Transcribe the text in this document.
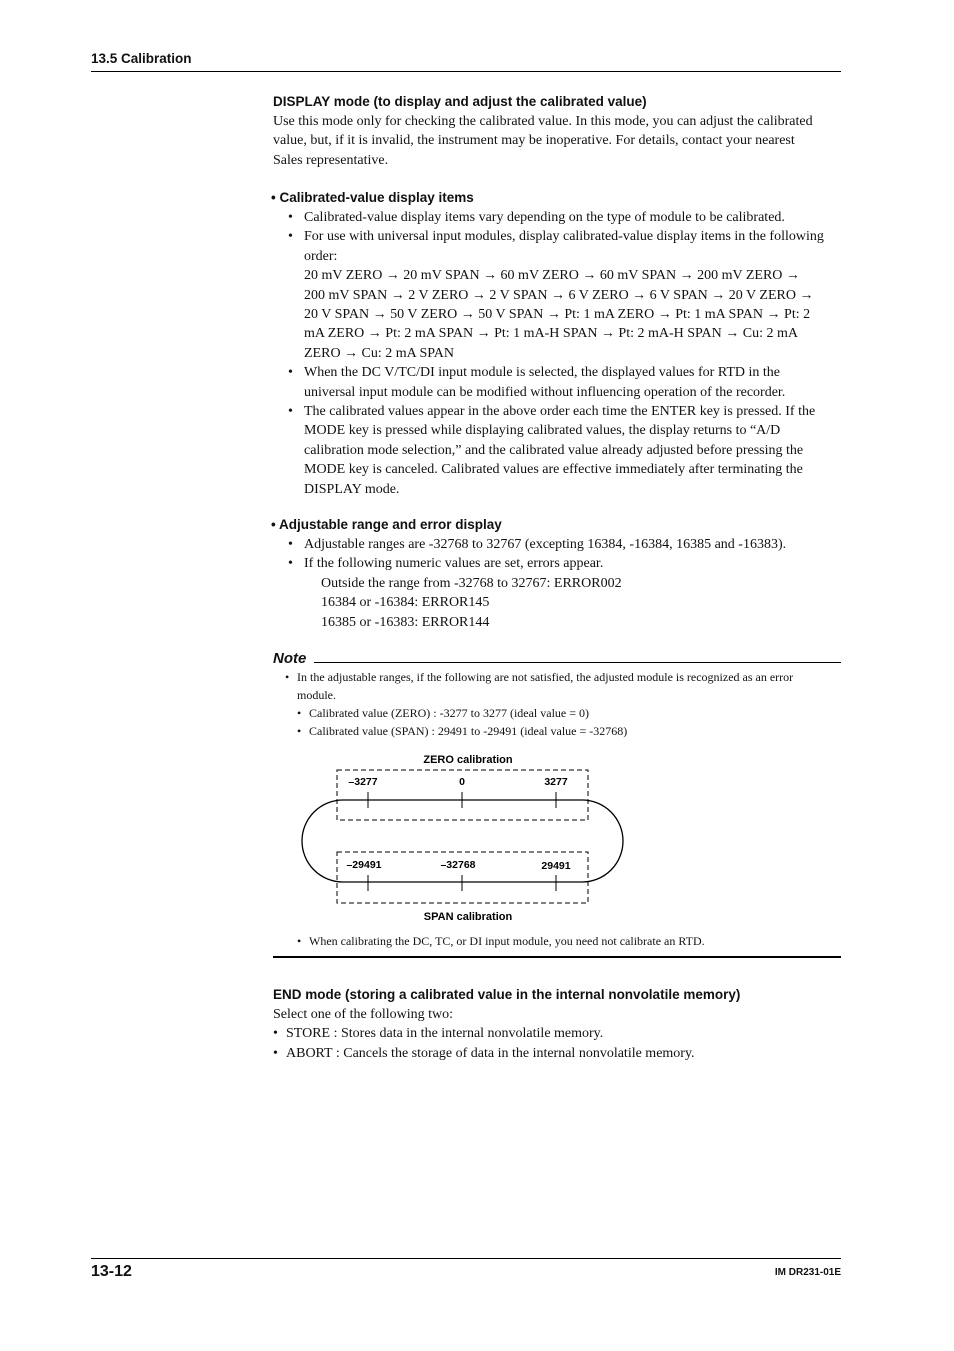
13.5 Calibration
DISPLAY mode (to display and adjust the calibrated value)
Use this mode only for checking the calibrated value. In this mode, you can adjust the calibrated
value, but, if it is invalid, the instrument may be inoperative. For details, contact your nearest
Sales representative.
• Calibrated-value display items
• Calibrated-value display items vary depending on the type of module to be calibrated.
• For use with universal input modules, display calibrated-value display items in the following
order:
20 mV ZERO → 20 mV SPAN → 60 mV ZERO → 60 mV SPAN → 200 mV ZERO →
200 mV SPAN → 2 V ZERO → 2 V SPAN → 6 V ZERO → 6 V SPAN → 20 V ZERO →
20 V SPAN → 50 V ZERO → 50 V SPAN → Pt: 1 mA ZERO → Pt: 1 mA SPAN → Pt: 2
mA ZERO → Pt: 2 mA SPAN → Pt: 1 mA-H SPAN → Pt: 2 mA-H SPAN → Cu: 2 mA
ZERO → Cu: 2 mA SPAN
• When the DC V/TC/DI input module is selected, the displayed values for RTD in the
universal input module can be modified without influencing operation of the recorder.
• The calibrated values appear in the above order each time the ENTER key is pressed. If the
MODE key is pressed while displaying calibrated values, the display returns to “A/D
calibration mode selection,” and the calibrated value already adjusted before pressing the
MODE key is canceled. Calibrated values are effective immediately after terminating the
DISPLAY mode.
• Adjustable range and error display
• Adjustable ranges are -32768 to 32767 (excepting 16384, -16384, 16385 and -16383).
• If the following numeric values are set, errors appear.
Outside the range from -32768 to 32767: ERROR002
16384 or -16384: ERROR145
16385 or -16383: ERROR144
Note
• In the adjustable ranges, if the following are not satisfied, the adjusted module is recognized as an error
module.
• Calibrated value (ZERO) : -3277 to 3277 (ideal value = 0)
• Calibrated value (SPAN) : 29491 to -29491 (ideal value = -32768)
ZERO calibration
–3277	0	3277
–29491	–32768	29491
SPAN calibration
• When calibrating the DC, TC, or DI input module, you need not calibrate an RTD.
END mode (storing a calibrated value in the internal nonvolatile memory)
Select one of the following two:
• STORE : Stores data in the internal nonvolatile memory.
• ABORT : Cancels the storage of data in the internal nonvolatile memory.
13-12	IM DR231-01E
